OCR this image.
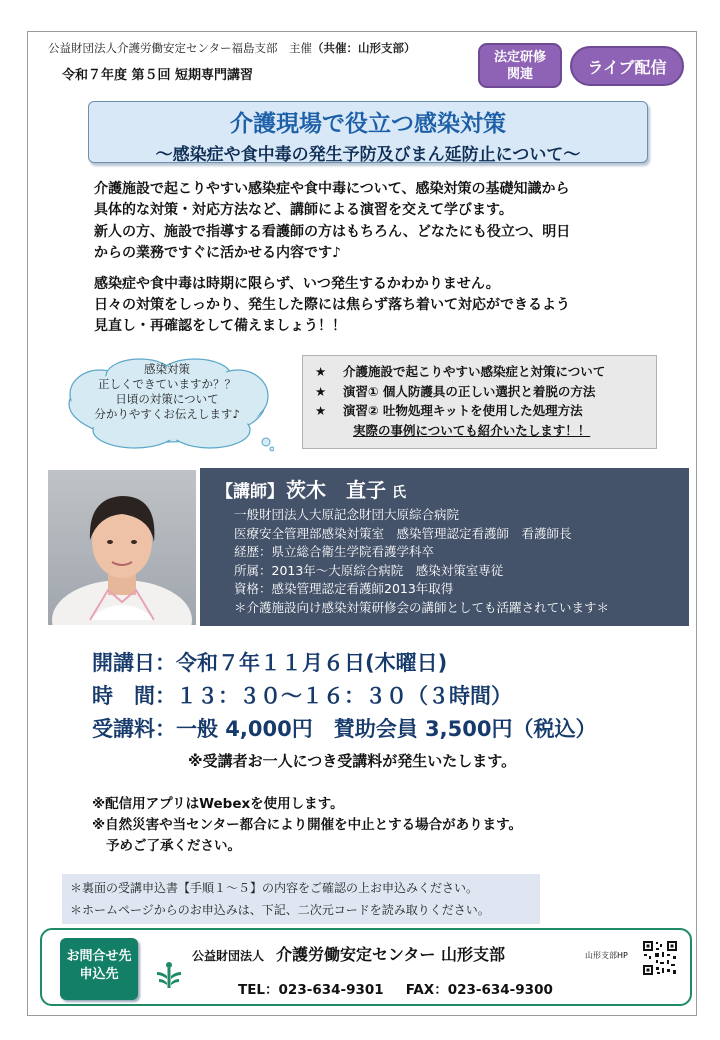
公益財団法人介護労働安定センター福島支部　主催（共催：山形支部）
令和７年度 第５回 短期専門講習
法定研修
関連	ライブ配信
介護現場で役立つ感染対策
～感染症や食中毒の発生予防及びまん延防止について～

介護施設で起こりやすい感染症や食中毒について、感染対策の基礎知識から

具体的な対策・対応方法など、講師による演習を交えて学びます。

新人の方、施設で指導する看護師の方はもちろん、どなたにも役立つ、明日

からの業務ですぐに活かせる内容です♪

感染症や食中毒は時期に限らず、いつ発生するかわかりません。

日々の対策をしっかり、発生した際には焦らず落ち着いて対応ができるよう

見直し・再確認をして備えましょう！！

感染対策
正しくできていますか？？
日頃の対策について
分かりやすくお伝えします♪
★ 介護施設で起こりやすい感染症と対策について
★ 演習① 個人防護具の正しい選択と着脱の方法
★ 演習② 吐物処理キットを使用した処理方法
実際の事例についても紹介いたします！！
【講師】 茨木　直子 氏
一般財団法人大原記念財団大原綜合病院
医療安全管理部感染対策室　感染管理認定看護師　看護師長
経歴：県立総合衛生学院看護学科卒
所属：2013年～大原綜合病院　感染対策室専従
資格：感染管理認定看護師2013年取得
＊介護施設向け感染対策研修会の講師としても活躍されています＊
開講日：令和７年１１月６日(木曜日)
時　間：１３：３０～１６：３０（３時間）
受講料：一般 4,000円　賛助会員 3,500円（税込）
※受講者お一人につき受講料が発生いたします。
※配信用アプリはWebexを使用します。
※自然災害や当センター都合により開催を中止とする場合があります。
予めご了承ください。
＊裏面の受講申込書【手順１～５】の内容をご確認の上お申込みください。
＊ホームページからのお申込みは、下記、二次元コードを読み取りください。
お問合せ先
申込先
公益財団法人 介護労働安定センター 山形支部	山形支部HP
TEL：023-634-9301 FAX：023-634-9300
